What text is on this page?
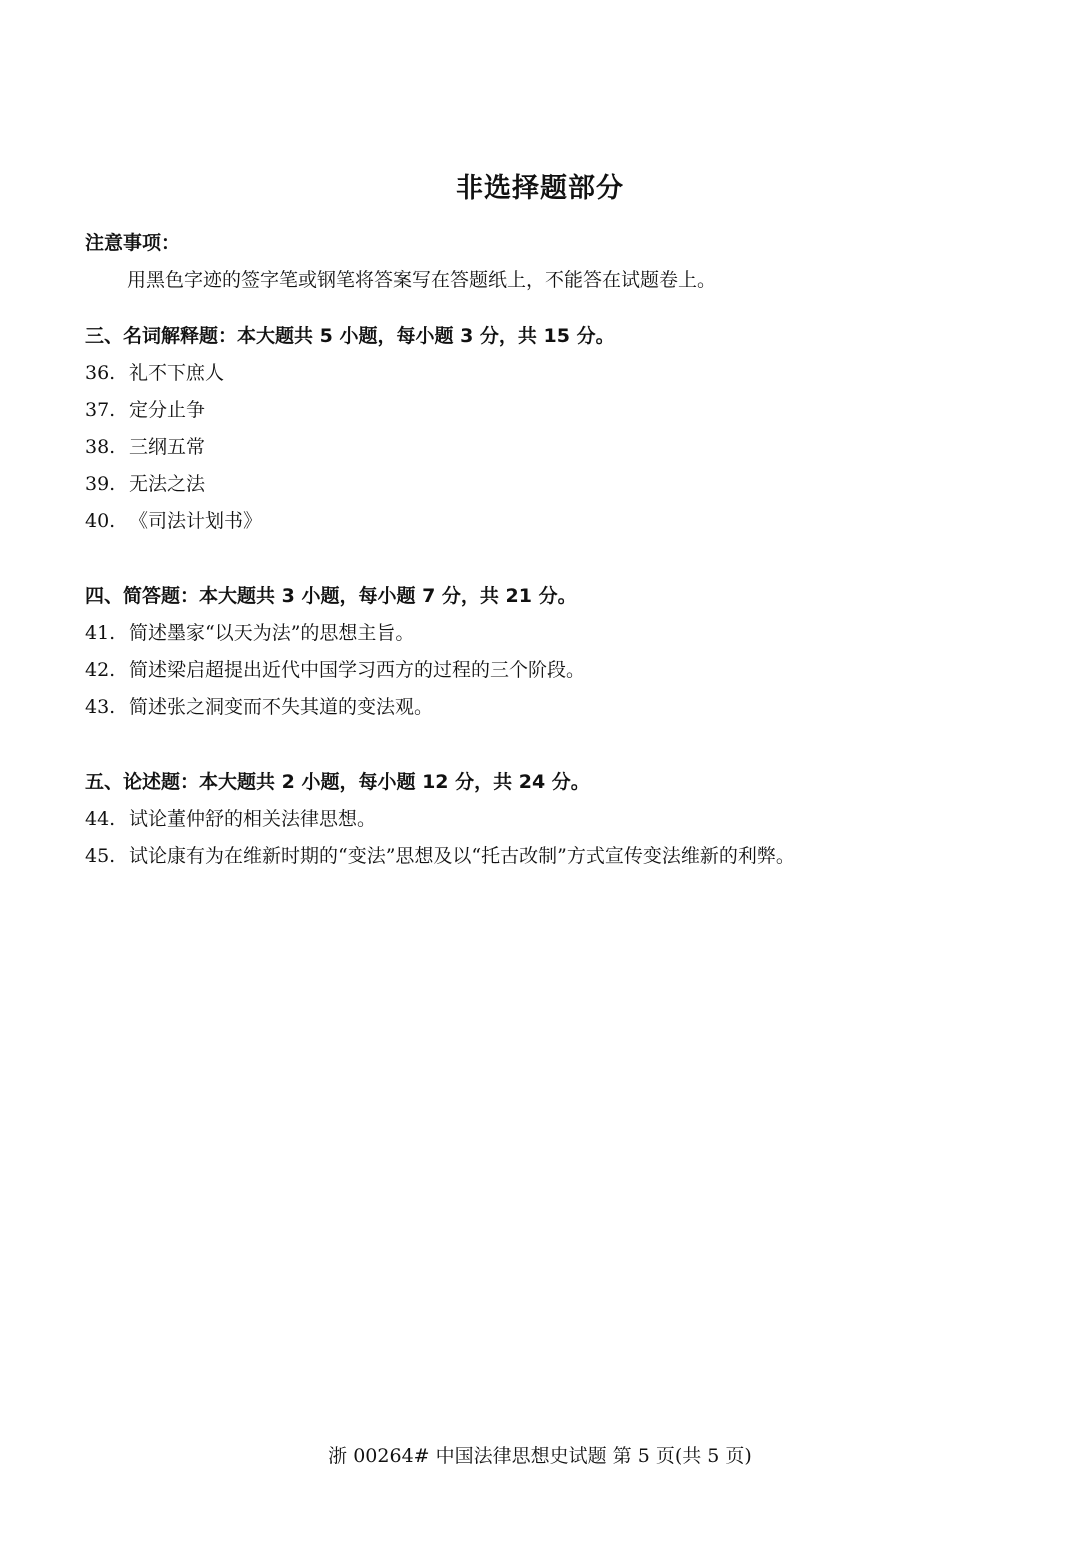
非选择题部分
注意事项：
用黑色字迹的签字笔或钢笔将答案写在答题纸上，不能答在试题卷上。
三、名词解释题：本大题共 5 小题，每小题 3 分，共 15 分。
36. 礼不下庶人
37. 定分止争
38. 三纲五常
39. 无法之法
40. 《司法计划书》
四、简答题：本大题共 3 小题，每小题 7 分，共 21 分。
41. 简述墨家“以天为法”的思想主旨。
42. 简述梁启超提出近代中国学习西方的过程的三个阶段。
43. 简述张之洞变而不失其道的变法观。
五、论述题：本大题共 2 小题，每小题 12 分，共 24 分。
44. 试论董仲舒的相关法律思想。
45. 试论康有为在维新时期的“变法”思想及以“托古改制”方式宣传变法维新的利弊。
浙 00264# 中国法律思想史试题 第 5 页(共 5 页)
